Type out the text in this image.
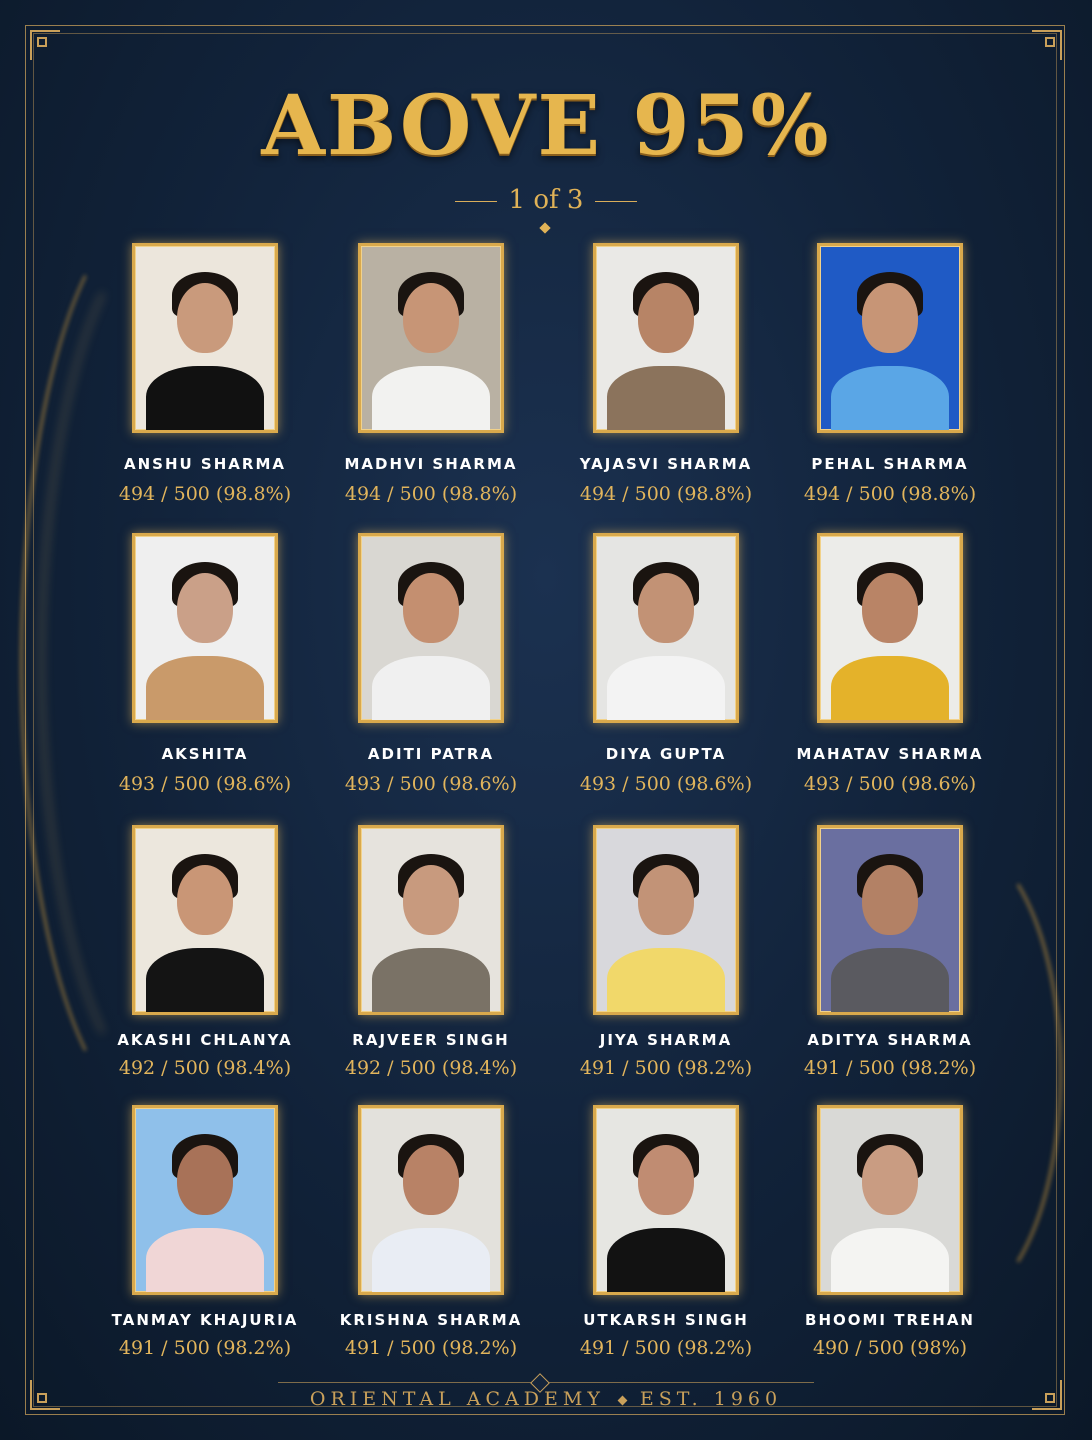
ABOVE 95%
1 of 3
ANSHU SHARMA
494 / 500 (98.8%)
MADHVI SHARMA
494 / 500 (98.8%)
YAJASVI SHARMA
494 / 500 (98.8%)
PEHAL SHARMA
494 / 500 (98.8%)
AKSHITA
493 / 500 (98.6%)
ADITI PATRA
493 / 500 (98.6%)
DIYA GUPTA
493 / 500 (98.6%)
MAHATAV SHARMA
493 / 500 (98.6%)
AKASHI CHLANYA
492 / 500 (98.4%)
RAJVEER SINGH
492 / 500 (98.4%)
JIYA SHARMA
491 / 500 (98.2%)
ADITYA SHARMA
491 / 500 (98.2%)
TANMAY KHAJURIA
491 / 500 (98.2%)
KRISHNA SHARMA
491 / 500 (98.2%)
UTKARSH SINGH
491 / 500 (98.2%)
BHOOMI TREHAN
490 / 500 (98%)
ORIENTAL ACADEMY EST. 1960
